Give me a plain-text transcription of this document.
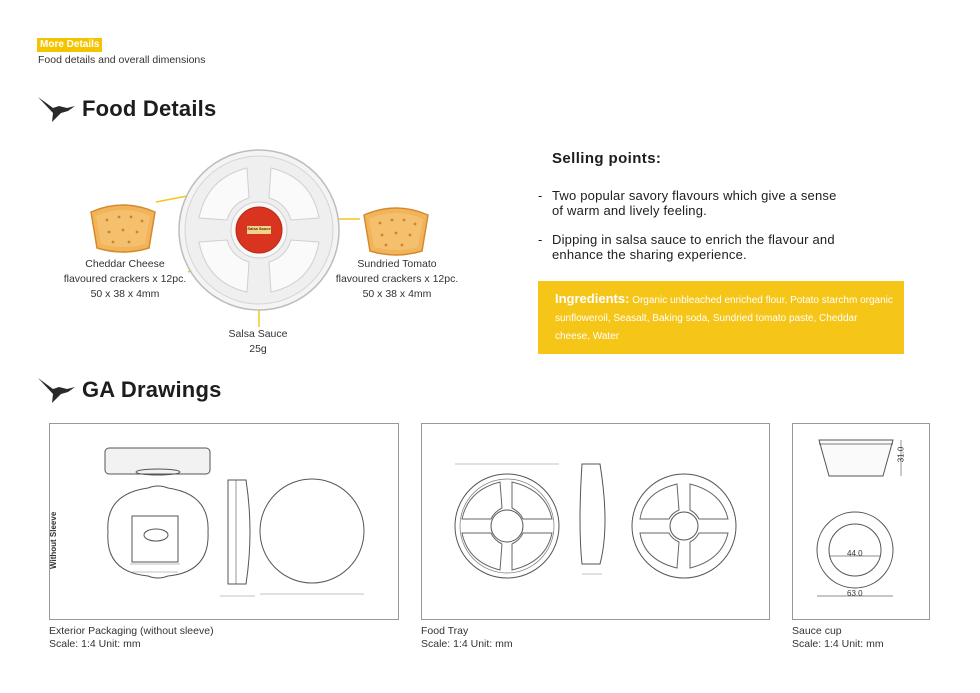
More Details
Food details and overall dimensions
Food Details
Salsa Sauce
Cheddar Cheese
flavoured crackers x 12pc.
50 x 38 x 4mm
Sundried Tomato
flavoured crackers x 12pc.
50 x 38 x 4mm
Salsa Sauce
25g
Selling points:
- Two popular savory flavours which give a sense
of warm and lively feeling.
- Dipping in salsa sauce to enrich the flavour and
enhance the sharing experience.
Ingredients: Organic unbleached enriched flour, Potato starchm organic sunfloweroil, Seasalt, Baking soda, Sundried tomato paste, Cheddar cheese, Water
GA Drawings
Without Sleeve
Exterior Packaging (without sleeve)
Scale: 1:4 Unit: mm
Food Tray
Scale: 1:4 Unit: mm
31.0
44.0
63.0
Sauce cup
Scale: 1:4 Unit: mm
